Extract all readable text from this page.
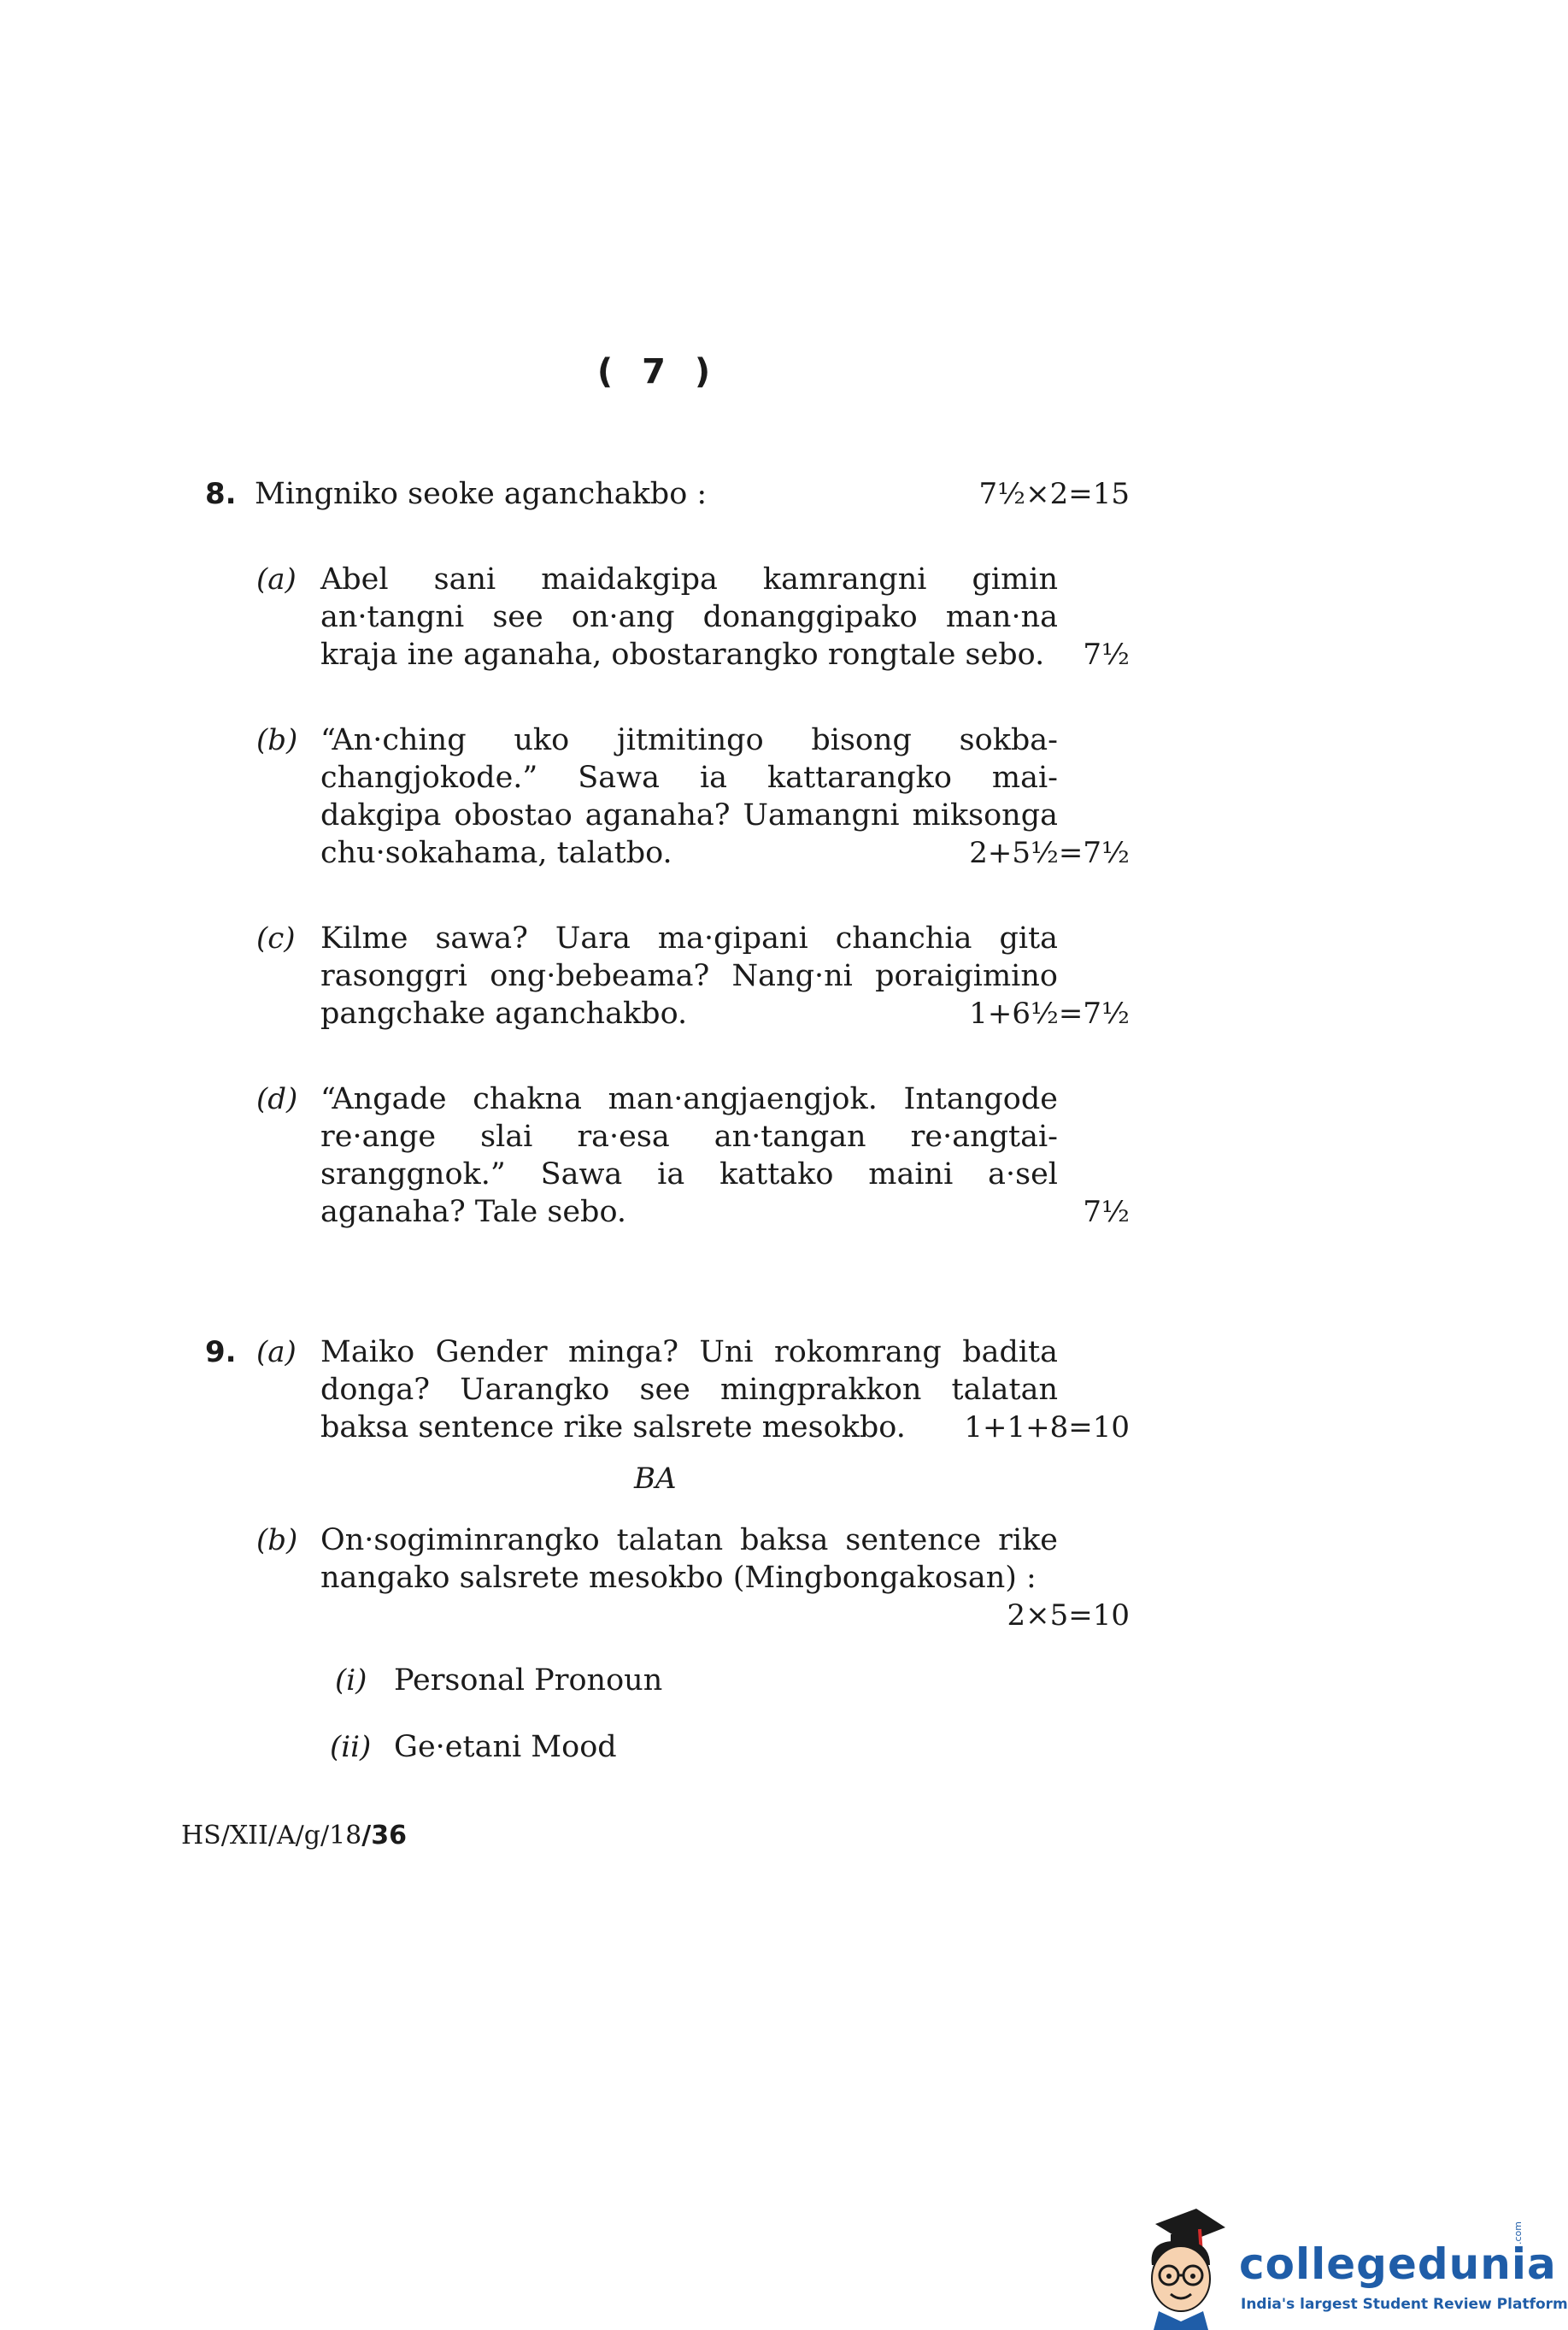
( 7 )
8. Mingniko seoke aganchakbo :	7½×2=15
(a) Abel sani maidakgipa kamrangni gimin
an·tangni see on·ang donanggipako man·na
kraja ine aganaha, obostarangko rongtale sebo.	7½
(b) “An·ching uko jitmitingo bisong sokba-
changjokode.” Sawa ia kattarangko mai-
dakgipa obostao aganaha? Uamangni miksonga
chu·sokahama, talatbo.	2+5½=7½
(c) Kilme sawa? Uara ma·gipani chanchia gita
rasonggri ong·bebeama? Nang·ni poraigimino
pangchake aganchakbo.	1+6½=7½
(d) “Angade chakna man·angjaengjok. Intangode
re·ange slai ra·esa an·tangan re·angtai-
sranggnok.” Sawa ia kattako maini a·sel
aganaha? Tale sebo.	7½
9. (a) Maiko Gender minga? Uni rokomrang badita
donga? Uarangko see mingprakkon talatan
baksa sentence rike salsrete mesokbo.	1+1+8=10
BA
(b) On·sogiminrangko talatan baksa sentence rike
nangako salsrete mesokbo (Mingbongakosan) :
2×5=10
(i) Personal Pronoun
(ii) Ge·etani Mood
HS/XII/A/g/18/36
collegedunia
.com
India's largest Student Review Platform
